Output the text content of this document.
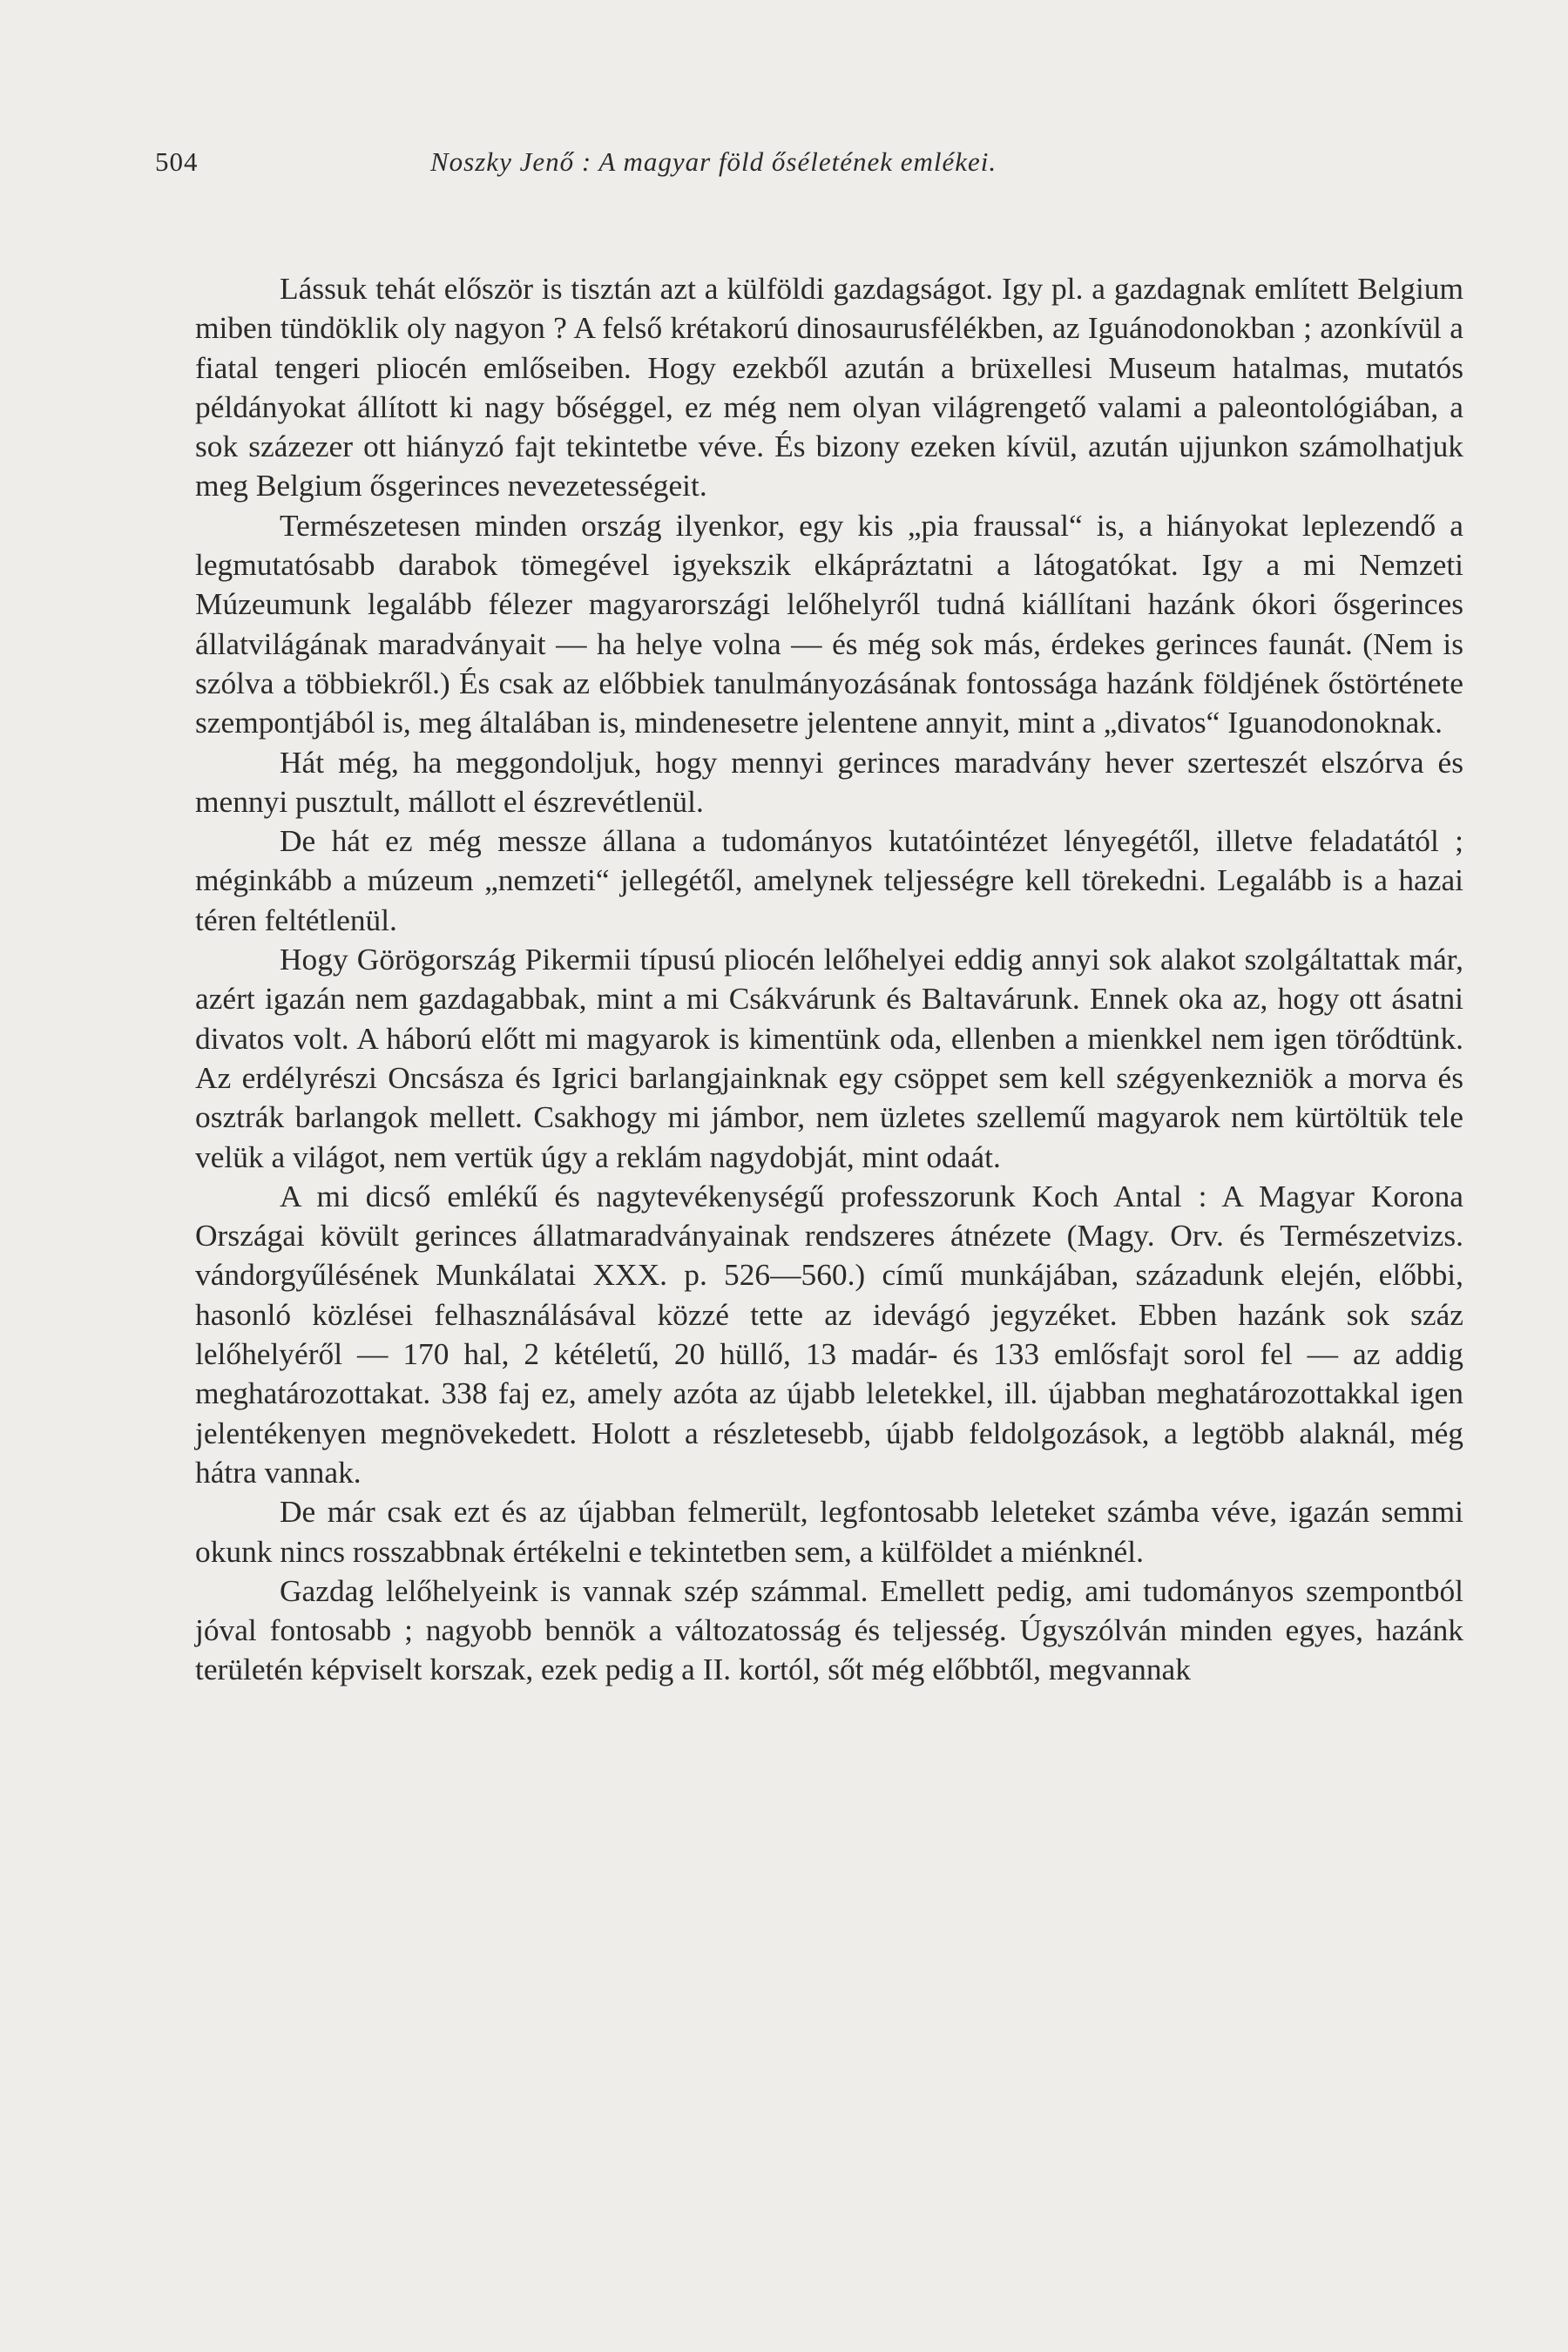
504	Noszky Jenő : A magyar föld őséletének emlékei.

Lássuk tehát először is tisztán azt a külföldi gazdagságot. Igy pl. a gazdagnak említett Belgium miben tündöklik oly nagyon ? A felső krétakorú dinosaurusfélékben, az Iguánodonokban ; azonkívül a fiatal tengeri pliocén emlőseiben. Hogy ezekből azután a brüxellesi Museum hatalmas, mutatós példányokat állított ki nagy bőséggel, ez még nem olyan világrengető valami a paleontológiában, a sok százezer ott hiányzó fajt tekintetbe véve. És bizony ezeken kívül, azután ujjunkon számolhatjuk meg Belgium ősgerinces nevezetességeit.

Természetesen minden ország ilyenkor, egy kis „pia fraussal“ is, a hiányokat leplezendő a legmutatósabb darabok tömegével igyekszik elkápráztatni a látogatókat. Igy a mi Nemzeti Múzeumunk legalább félezer magyarországi lelőhelyről tudná kiállítani hazánk ókori ősgerinces állatvilágának maradványait — ha helye volna — és még sok más, érdekes gerinces faunát. (Nem is szólva a többiekről.) És csak az előbbiek tanulmányozásának fontossága hazánk földjének őstörténete szempontjából is, meg általában is, mindenesetre jelentene annyit, mint a „divatos“ Iguanodonoknak.

Hát még, ha meggondoljuk, hogy mennyi gerinces maradvány hever szerteszét elszórva és mennyi pusztult, mállott el észrevétlenül.

De hát ez még messze állana a tudományos kutatóintézet lényegétől, illetve feladatától ; méginkább a múzeum „nemzeti“ jellegétől, amelynek teljességre kell törekedni. Legalább is a hazai téren feltétlenül.

Hogy Görögország Pikermii típusú pliocén lelőhelyei eddig annyi sok alakot szolgáltattak már, azért igazán nem gazdagabbak, mint a mi Csákvárunk és Baltavárunk. Ennek oka az, hogy ott ásatni divatos volt. A háború előtt mi magyarok is kimentünk oda, ellenben a mienkkel nem igen törődtünk. Az erdélyrészi Oncsásza és Igrici barlangjainknak egy csöppet sem kell szégyenkezniök a morva és osztrák barlangok mellett. Csakhogy mi jámbor, nem üzletes szellemű magyarok nem kürtöltük tele velük a világot, nem vertük úgy a reklám nagydobját, mint odaát.

A mi dicső emlékű és nagytevékenységű professzorunk Koch Antal : A Magyar Korona Országai kövült gerinces állatmaradványainak rendszeres átnézete (Magy. Orv. és Természetvizs. vándorgyűlésének Munkálatai XXX. p. 526—560.) című munkájában, századunk elején, előbbi, hasonló közlései felhasználásával közzé tette az idevágó jegyzéket. Ebben hazánk sok száz lelőhelyéről — 170 hal, 2 kétéletű, 20 hüllő, 13 madár- és 133 emlősfajt sorol fel — az addig meghatározottakat. 338 faj ez, amely azóta az újabb leletekkel, ill. újabban meghatározottakkal igen jelentékenyen megnövekedett. Holott a részletesebb, újabb feldolgozások, a legtöbb alaknál, még hátra vannak.

De már csak ezt és az újabban felmerült, legfontosabb leleteket számba véve, igazán semmi okunk nincs rosszabbnak értékelni e tekintetben sem, a külföldet a miénknél.

Gazdag lelőhelyeink is vannak szép számmal. Emellett pedig, ami tudományos szempontból jóval fontosabb ; nagyobb bennök a változatosság és teljesség. Úgyszólván minden egyes, hazánk területén képviselt korszak, ezek pedig a II. kortól, sőt még előbbtől, megvannak
